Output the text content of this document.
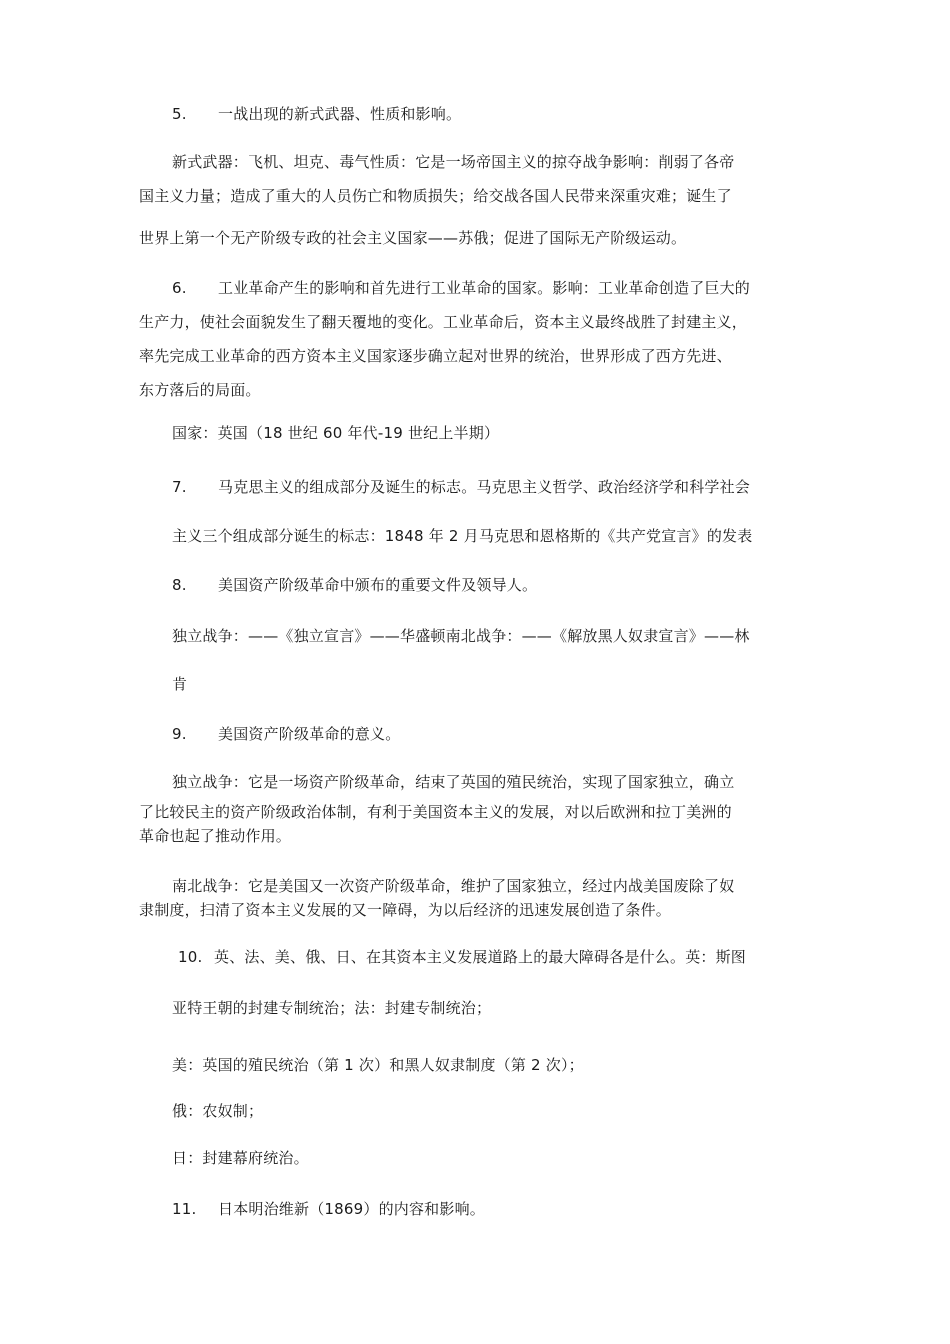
5. 一战出现的新式武器、性质和影响。

新式武器：飞机、坦克、毒气性质：它是一场帝国主义的掠夺战争影响：削弱了各帝

国主义力量；造成了重大的人员伤亡和物质损失；给交战各国人民带来深重灾难；诞生了

世界上第一个无产阶级专政的社会主义国家——苏俄；促进了国际无产阶级运动。

6. 工业革命产生的影响和首先进行工业革命的国家。影响：工业革命创造了巨大的

生产力，使社会面貌发生了翻天覆地的变化。工业革命后，资本主义最终战胜了封建主义，

率先完成工业革命的西方资本主义国家逐步确立起对世界的统治，世界形成了西方先进、

东方落后的局面。

国家：英国（18 世纪 60 年代-19 世纪上半期）

7. 马克思主义的组成部分及诞生的标志。马克思主义哲学、政治经济学和科学社会

主义三个组成部分诞生的标志：1848 年 2 月马克思和恩格斯的《共产党宣言》的发表

8. 美国资产阶级革命中颁布的重要文件及领导人。

独立战争：——《独立宣言》——华盛顿南北战争：——《解放黑人奴隶宣言》——林

肯

9. 美国资产阶级革命的意义。

独立战争：它是一场资产阶级革命，结束了英国的殖民统治，实现了国家独立，确立

了比较民主的资产阶级政治体制，有利于美国资本主义的发展，对以后欧洲和拉丁美洲的

革命也起了推动作用。

南北战争：它是美国又一次资产阶级革命，维护了国家独立，经过内战美国废除了奴

隶制度，扫清了资本主义发展的又一障碍，为以后经济的迅速发展创造了条件。

10. 英、法、美、俄、日、在其资本主义发展道路上的最大障碍各是什么。英：斯图

亚特王朝的封建专制统治；法：封建专制统治；

美：英国的殖民统治（第 1 次）和黑人奴隶制度（第 2 次）；

俄：农奴制；

日：封建幕府统治。

11. 日本明治维新（1869）的内容和影响。
